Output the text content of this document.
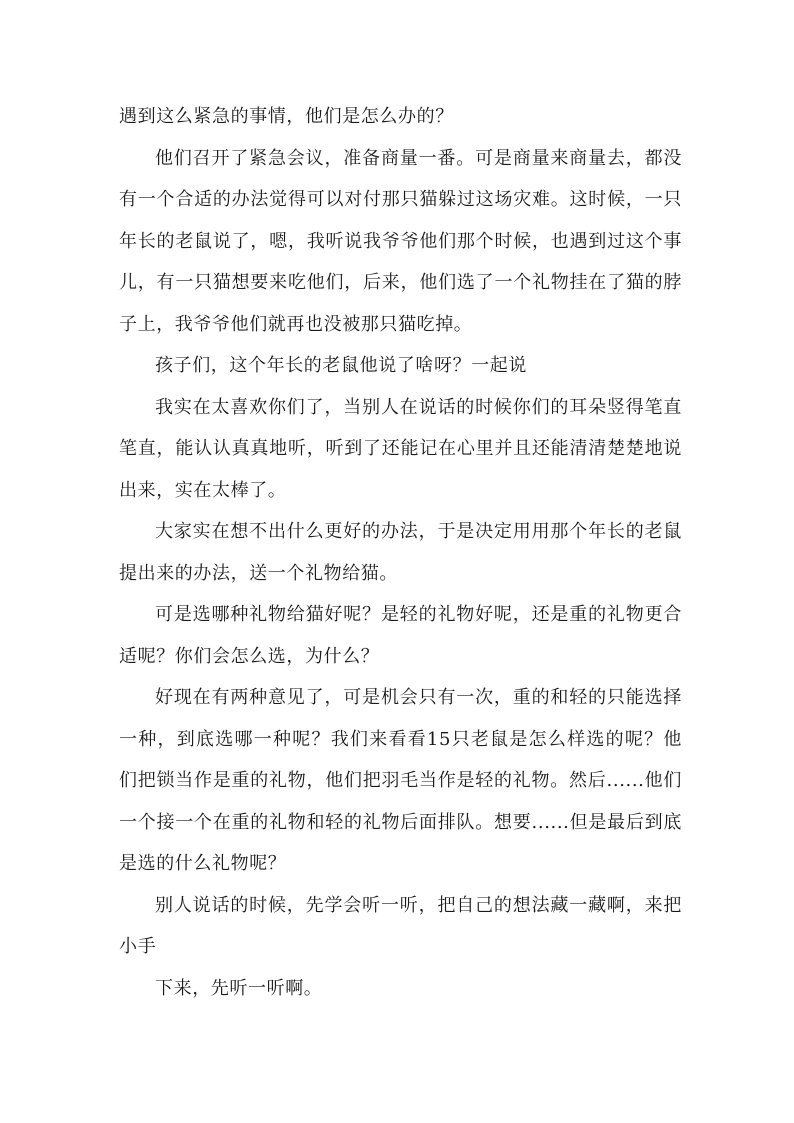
遇到这么紧急的事情，他们是怎么办的？

他们召开了紧急会议，准备商量一番。可是商量来商量去，都没有一个合适的办法觉得可以对付那只猫躲过这场灾难。这时候，一只年长的老鼠说了，嗯，我听说我爷爷他们那个时候，也遇到过这个事儿，有一只猫想要来吃他们，后来，他们选了一个礼物挂在了猫的脖子上，我爷爷他们就再也没被那只猫吃掉。

孩子们，这个年长的老鼠他说了啥呀？一起说

我实在太喜欢你们了，当别人在说话的时候你们的耳朵竖得笔直笔直，能认认真真地听，听到了还能记在心里并且还能清清楚楚地说出来，实在太棒了。

大家实在想不出什么更好的办法，于是决定用用那个年长的老鼠提出来的办法，送一个礼物给猫。

可是选哪种礼物给猫好呢？是轻的礼物好呢，还是重的礼物更合适呢？你们会怎么选，为什么？

好现在有两种意见了，可是机会只有一次，重的和轻的只能选择一种，到底选哪一种呢？我们来看看15只老鼠是怎么样选的呢？他们把锁当作是重的礼物，他们把羽毛当作是轻的礼物。然后......他们一个接一个在重的礼物和轻的礼物后面排队。想要......但是最后到底是选的什么礼物呢？

别人说话的时候，先学会听一听，把自己的想法藏一藏啊，来把小手

下来，先听一听啊。
